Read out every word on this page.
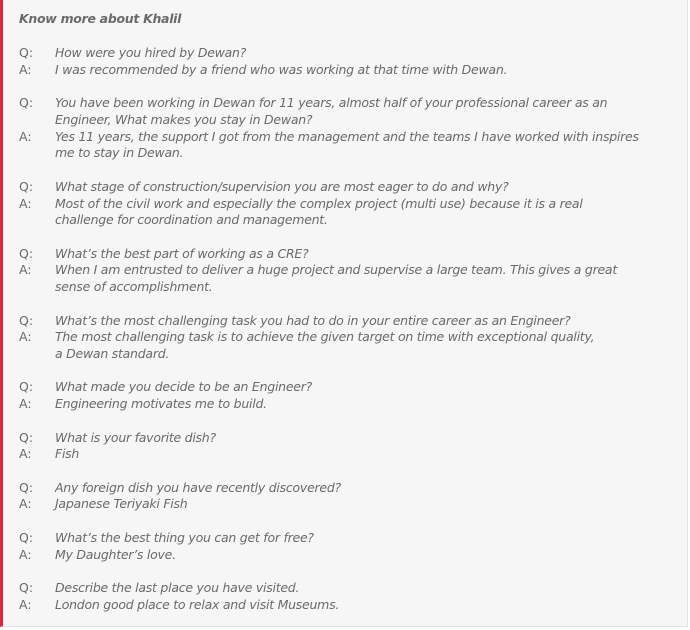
Know more about Khalil
Q:	How were you hired by Dewan?
A:	I was recommended by a friend who was working at that time with Dewan.
Q:	You have been working in Dewan for 11 years, almost half of your professional career as an
Engineer, What makes you stay in Dewan?
A:	Yes 11 years, the support I got from the management and the teams I have worked with inspires
me to stay in Dewan.
Q:	What stage of construction/supervision you are most eager to do and why?
A:	Most of the civil work and especially the complex project (multi use) because it is a real
challenge for coordination and management.
Q:	What’s the best part of working as a CRE?
A:	When I am entrusted to deliver a huge project and supervise a large team. This gives a great
sense of accomplishment.
Q:	What’s the most challenging task you had to do in your entire career as an Engineer?
A:	The most challenging task is to achieve the given target on time with exceptional quality,
a Dewan standard.
Q:	What made you decide to be an Engineer?
A:	Engineering motivates me to build.
Q:	What is your favorite dish?
A:	Fish
Q:	Any foreign dish you have recently discovered?
A:	Japanese Teriyaki Fish
Q:	What’s the best thing you can get for free?
A:	My Daughter’s love.
Q:	Describe the last place you have visited.
A:	London good place to relax and visit Museums.
